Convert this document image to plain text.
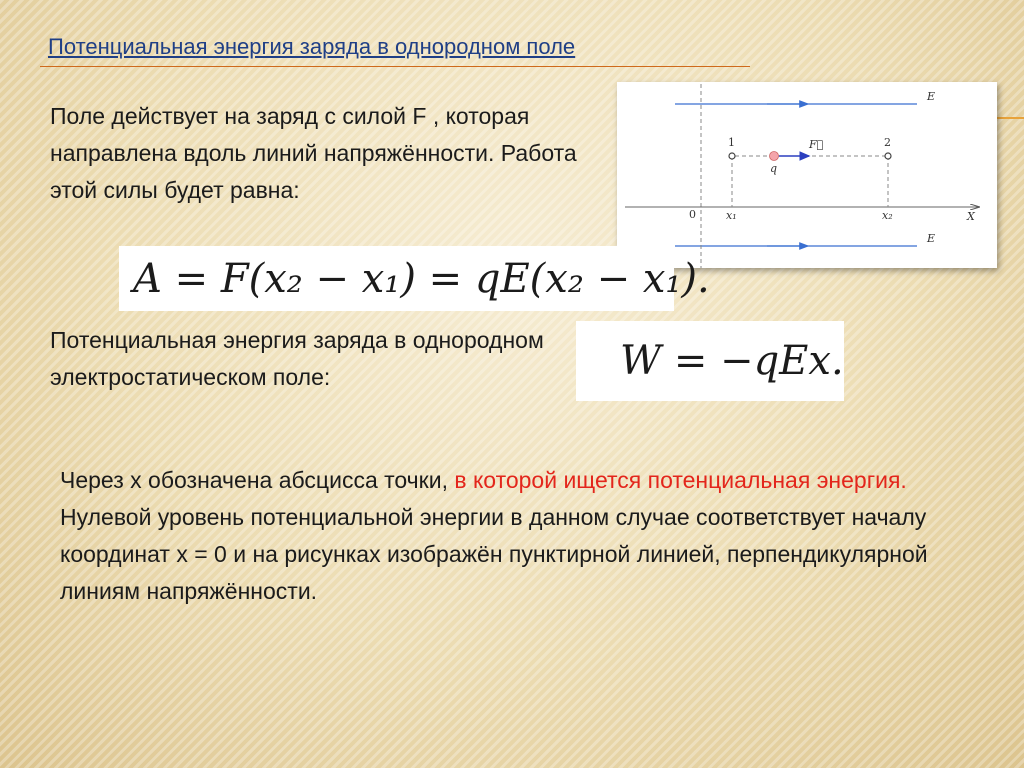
Потенциальная энергия заряда в однородном поле

Поле действует на заряд с силой F , которая направлена вдоль линий напряжённости. Работа этой силы будет равна:

E
E
X
0
F⃗
1	2
q
x₁	x₂
A = F(x₂ − x₁) = qE(x₂ − x₁).

Потенциальная энергия заряда в однородном электростатическом поле:	W = −qEx.

Через x обозначена абсцисса точки, в которой ищется потенциальная энергия. Нулевой уровень потенциальной энергии в данном случае соответствует началу координат x = 0 и на рисунках изображён пунктирной линией, перпендикулярной линиям напряжённости.
